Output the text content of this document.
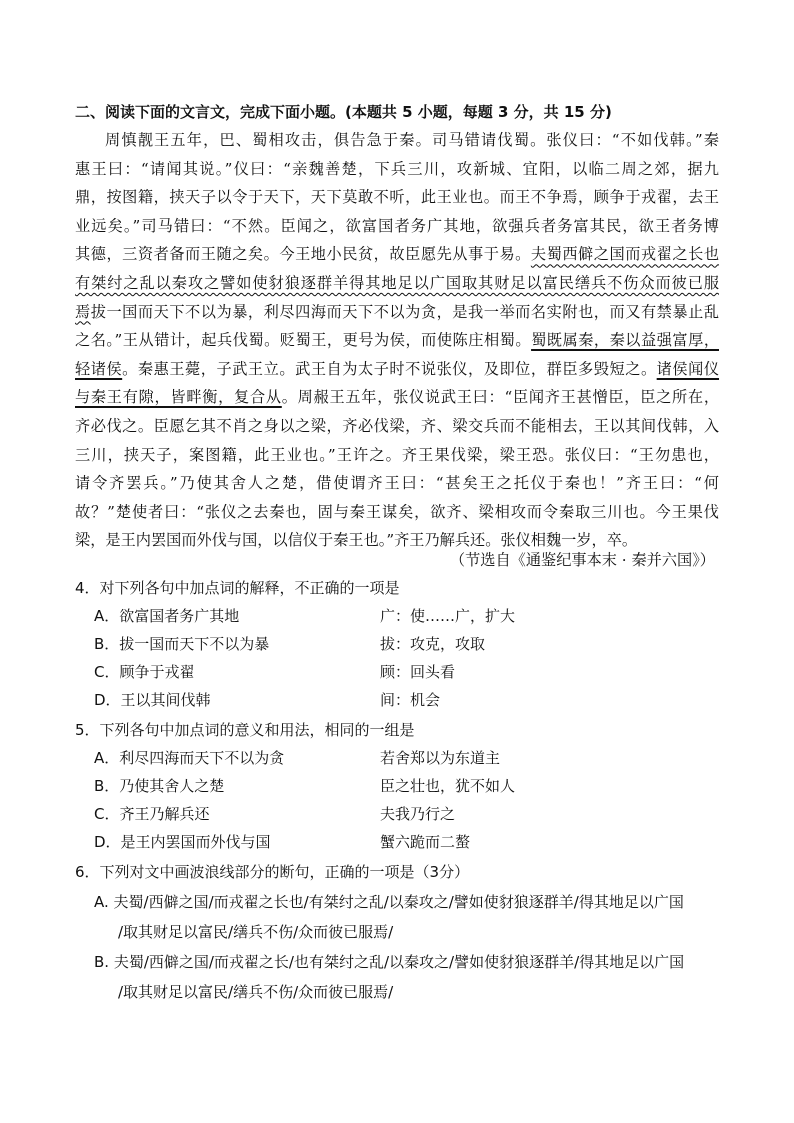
二、阅读下面的文言文，完成下面小题。(本题共 5 小题，每题 3 分，共 15 分)
周慎靓王五年，巴、蜀相攻击，俱告急于秦。司马错请伐蜀。张仪曰：“不如伐韩。”秦
惠王曰：“请闻其说。”仪曰：“亲魏善楚，下兵三川，攻新城、宜阳，以临二周之郊，据九
鼎，按图籍，挟天子以令于天下，天下莫敢不听，此王业也。而王不争焉，顾争于戎翟，去王
业远矣。”司马错曰：“不然。臣闻之，欲富国者务广其地，欲强兵者务富其民，欲王者务博
其德，三资者备而王随之矣。今王地小民贫，故臣愿先从事于易。夫蜀西僻之国而戎翟之长也
有桀纣之乱以秦攻之譬如使豺狼逐群羊得其地足以广国取其财足以富民缮兵不伤众而彼已服
焉拔一国而天下不以为暴，利尽四海而天下不以为贪，是我一举而名实附也，而又有禁暴止乱
之名。”王从错计，起兵伐蜀。贬蜀王，更号为侯，而使陈庄相蜀。蜀既属秦，秦以益强富厚，
轻诸侯。秦惠王薨，子武王立。武王自为太子时不说张仪，及即位，群臣多毁短之。诸侯闻仪
与秦王有隙，皆畔衡，复合从。周赧王五年，张仪说武王曰：“臣闻齐王甚憎臣，臣之所在，
齐必伐之。臣愿乞其不肖之身以之梁，齐必伐梁，齐、梁交兵而不能相去，王以其间伐韩，入
三川，挟天子，案图籍，此王业也。”王许之。齐王果伐梁，梁王恐。张仪曰：“王勿患也，
请令齐罢兵。”乃使其舍人之楚，借使谓齐王曰：“甚矣王之托仪于秦也！”齐王曰：“何
故？”楚使者曰：“张仪之去秦也，固与秦王谋矣，欲齐、梁相攻而令秦取三川也。今王果伐
梁，是王内罢国而外伐与国，以信仪于秦王也。”齐王乃解兵还。张仪相魏一岁，卒。
（节选自《通鉴纪事本末 · 秦并六国》）
4．对下列各句中加点词的解释，不正确的一项是
A．欲富国者务广其地	广：使……广，扩大
B．拔一国而天下不以为暴	拔：攻克，攻取
C．顾争于戎翟	顾：回头看
D．王以其间伐韩	间：机会
5．下列各句中加点词的意义和用法，相同的一组是
A．利尽四海而天下不以为贪	若舍郑以为东道主
B．乃使其舍人之楚	臣之壮也，犹不如人
C．齐王乃解兵还	夫我乃行之
D．是王内罢国而外伐与国	蟹六跪而二螯
6．下列对文中画波浪线部分的断句，正确的一项是（3分）
A. 夫蜀/西僻之国/而戎翟之长也/有桀纣之乱/以秦攻之/譬如使豺狼逐群羊/得其地足以广国
/取其财足以富民/缮兵不伤/众而彼已服焉/
B. 夫蜀/西僻之国/而戎翟之长/也有桀纣之乱/以秦攻之/譬如使豺狼逐群羊/得其地足以广国
/取其财足以富民/缮兵不伤/众而彼已服焉/
